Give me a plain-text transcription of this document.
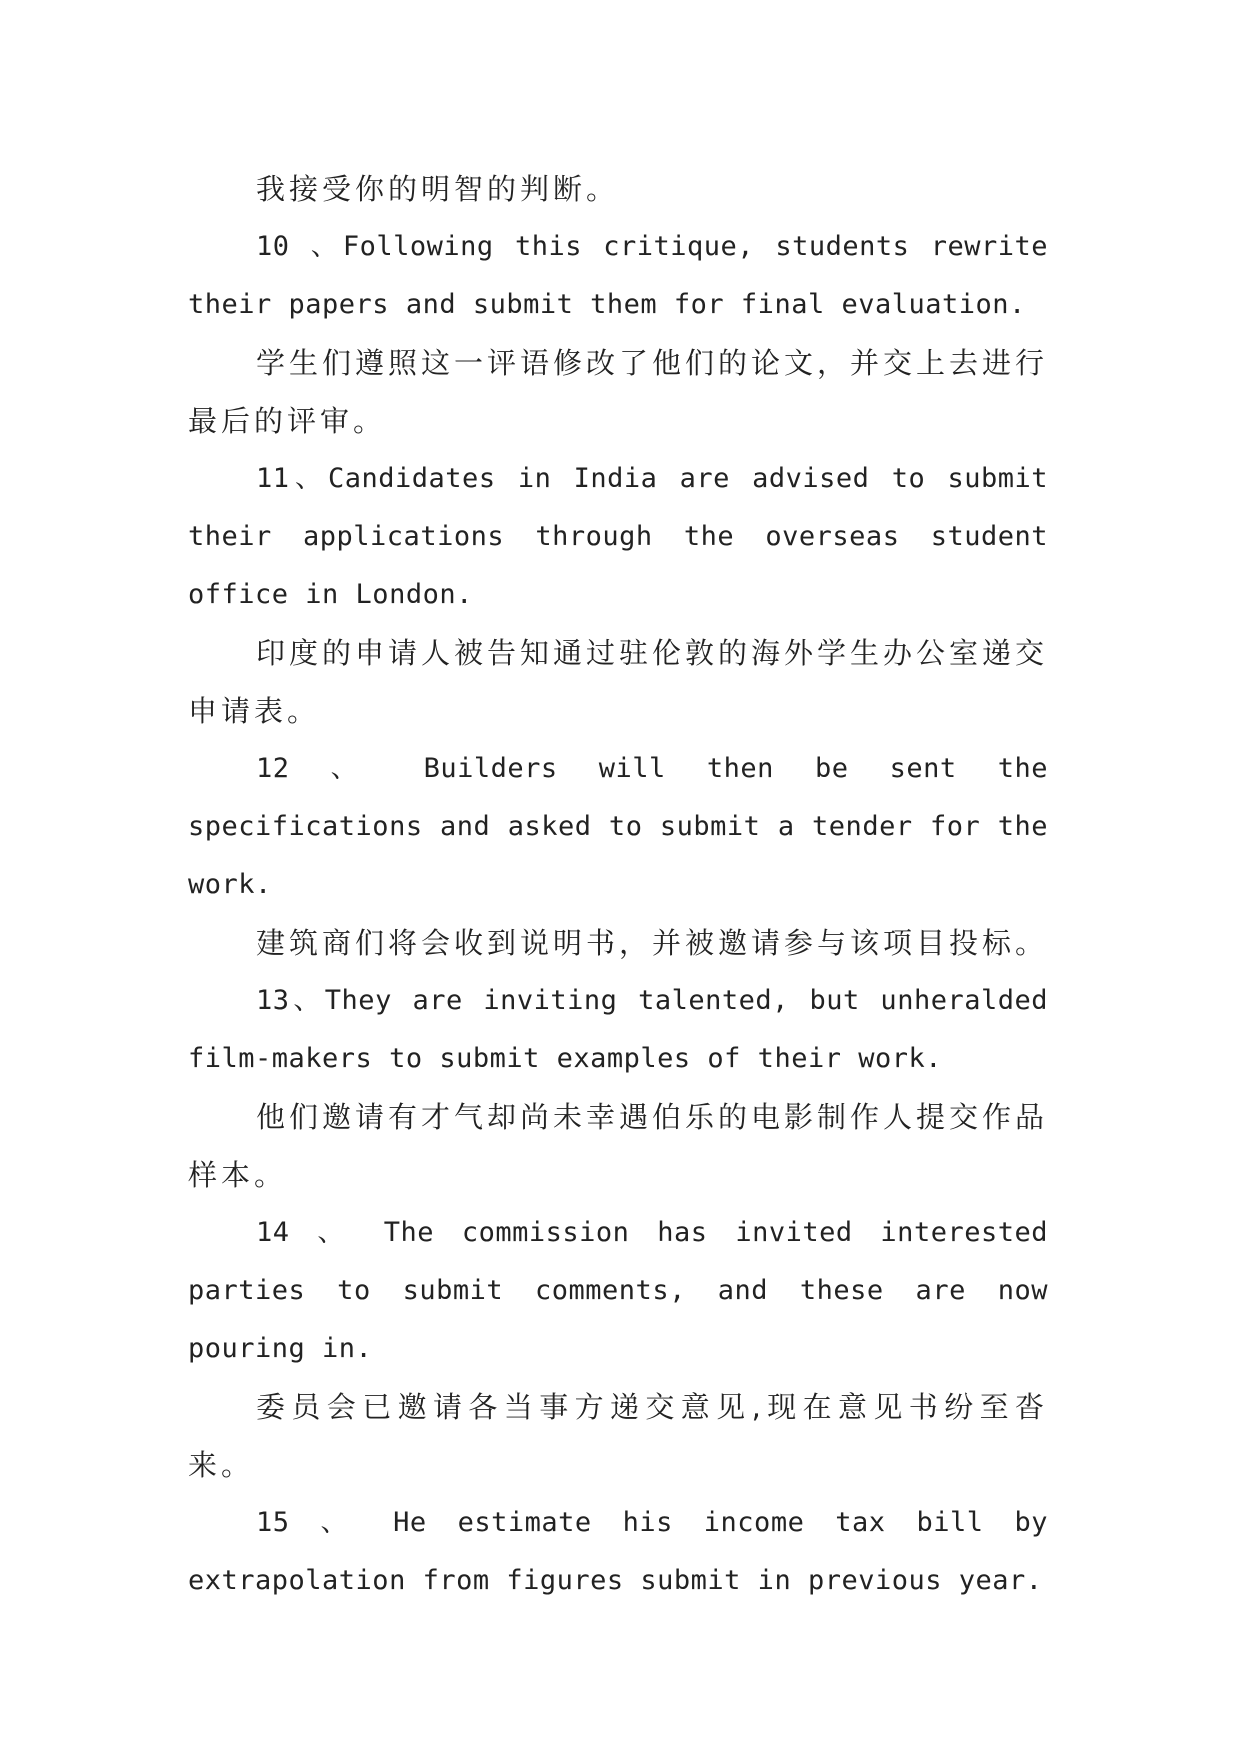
我接受你的明智的判断。

10 、Following this critique, students rewrite their papers and submit them for final evaluation.

学生们遵照这一评语修改了他们的论文，并交上去进行最后的评审。

11、Candidates in India are advised to submit their applications through the overseas student office in London.

印度的申请人被告知通过驻伦敦的海外学生办公室递交申请表。

12 、 Builders will then be sent the specifications and asked to submit a tender for the work.

建筑商们将会收到说明书，并被邀请参与该项目投标。

13、They are inviting talented, but unheralded film-makers to submit examples of their work.

他们邀请有才气却尚未幸遇伯乐的电影制作人提交作品样本。

14 、 The commission has invited interested parties to submit comments, and these are now pouring in.

委员会已邀请各当事方递交意见,现在意见书纷至沓来。

15 、 He estimate his income tax bill by extrapolation from figures submit in previous year.
